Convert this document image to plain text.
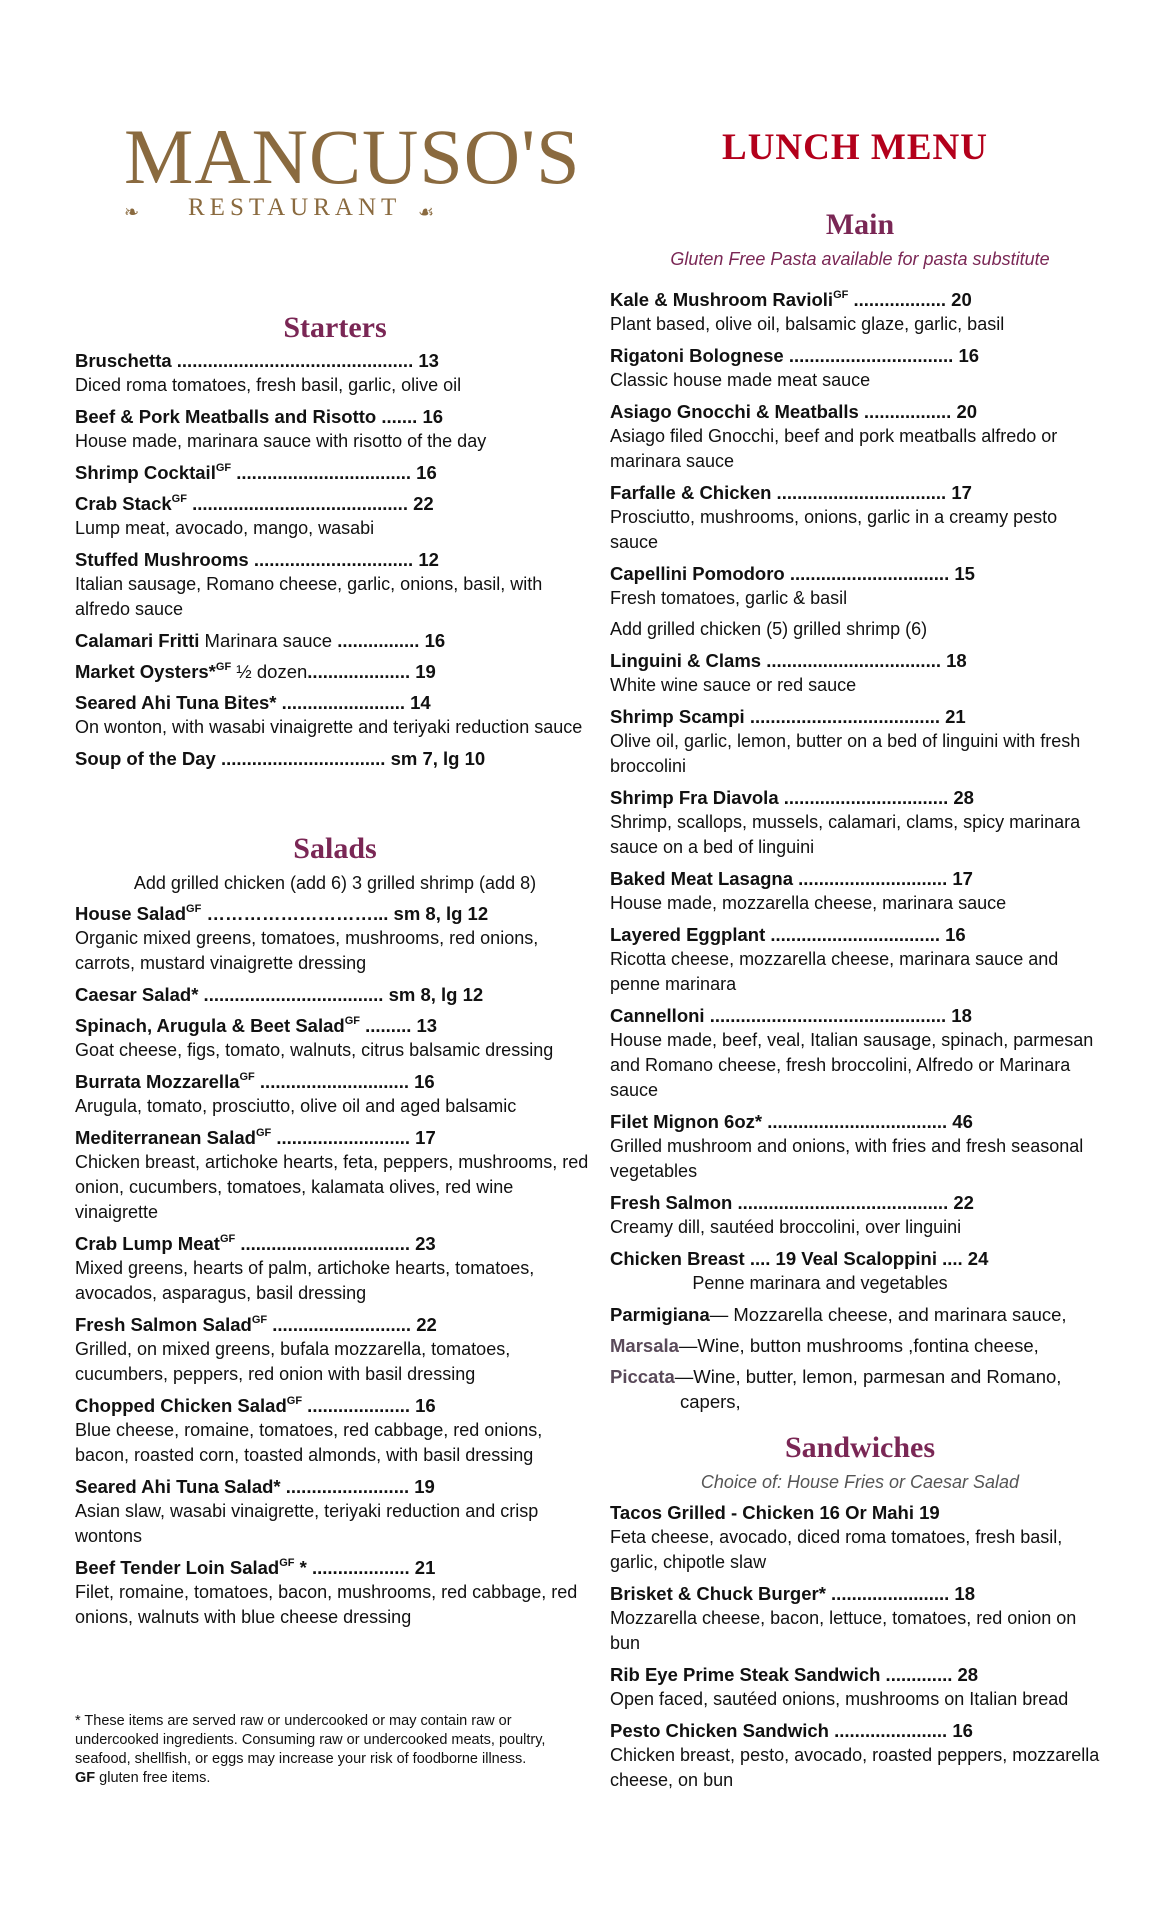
MANCUSO'S
❧ RESTAURANT ☙
LUNCH MENU
Starters
Bruschetta .............................................. 13
Diced roma tomatoes, fresh basil, garlic, olive oil
Beef & Pork Meatballs and Risotto ....... 16
House made, marinara sauce with risotto of the day
Shrimp Cocktail$^{GF}$ .................................. 16
Crab Stack$^{GF}$ .......................................... 22
Lump meat, avocado, mango, wasabi
Stuffed Mushrooms ............................... 12
Italian sausage, Romano cheese, garlic, onions, basil, with alfredo sauce
Calamari Fritti Marinara sauce ................ 16
Market Oysters*$^{GF}$ ½ dozen.................... 19
Seared Ahi Tuna Bites* ........................ 14
On wonton, with wasabi vinaigrette and teriyaki reduction sauce
Soup of the Day ................................ sm 7, lg 10
Salads
Add grilled chicken (add 6) 3 grilled shrimp (add 8)
House Salad$^{GF}$ ………………………... sm 8, lg 12
Organic mixed greens, tomatoes, mushrooms, red onions, carrots, mustard vinaigrette dressing
Caesar Salad* ................................... sm 8, lg 12
Spinach, Arugula & Beet Salad$^{GF}$ ......... 13
Goat cheese, figs, tomato, walnuts, citrus balsamic dressing
Burrata Mozzarella$^{GF}$ ............................. 16
Arugula, tomato, prosciutto, olive oil and aged balsamic
Mediterranean Salad$^{GF}$ .......................... 17
Chicken breast, artichoke hearts, feta, peppers, mushrooms, red onion, cucumbers, tomatoes, kalamata olives, red wine vinaigrette
Crab Lump Meat$^{GF}$ ................................. 23
Mixed greens, hearts of palm, artichoke hearts, tomatoes, avocados, asparagus, basil dressing
Fresh Salmon Salad$^{GF}$ ........................... 22
Grilled, on mixed greens, bufala mozzarella, tomatoes, cucumbers, peppers, red onion with basil dressing
Chopped Chicken Salad$^{GF}$ .................... 16
Blue cheese, romaine, tomatoes, red cabbage, red onions, bacon, roasted corn, toasted almonds, with basil dressing
Seared Ahi Tuna Salad* ........................ 19
Asian slaw, wasabi vinaigrette, teriyaki reduction and crisp wontons
Beef Tender Loin Salad$^{GF}$ * ................... 21
Filet, romaine, tomatoes, bacon, mushrooms, red cabbage, red onions, walnuts with blue cheese dressing
* These items are served raw or undercooked or may contain raw or undercooked ingredients. Consuming raw or undercooked meats, poultry, seafood, shellfish, or eggs may increase your risk of foodborne illness.
GF gluten free items.
Main
Gluten Free Pasta available for pasta substitute
Kale & Mushroom Ravioli$^{GF}$ .................. 20
Plant based, olive oil, balsamic glaze, garlic, basil
Rigatoni Bolognese ................................ 16
Classic house made meat sauce
Asiago Gnocchi & Meatballs ................. 20
Asiago filed Gnocchi, beef and pork meatballs alfredo or marinara sauce
Farfalle & Chicken ................................. 17
Prosciutto, mushrooms, onions, garlic in a creamy pesto sauce
Capellini Pomodoro ............................... 15
Fresh tomatoes, garlic & basil
Add grilled chicken (5) grilled shrimp (6)
Linguini & Clams .................................. 18
White wine sauce or red sauce
Shrimp Scampi ..................................... 21
Olive oil, garlic, lemon, butter on a bed of linguini with fresh broccolini
Shrimp Fra Diavola ................................ 28
Shrimp, scallops, mussels, calamari, clams, spicy marinara sauce on a bed of linguini
Baked Meat Lasagna ............................. 17
House made, mozzarella cheese, marinara sauce
Layered Eggplant ................................. 16
Ricotta cheese, mozzarella cheese, marinara sauce and penne marinara
Cannelloni .............................................. 18
House made, beef, veal, Italian sausage, spinach, parmesan and Romano cheese, fresh broccolini, Alfredo or Marinara sauce
Filet Mignon 6oz* ................................... 46
Grilled mushroom and onions, with fries and fresh seasonal vegetables
Fresh Salmon ......................................... 22
Creamy dill, sautéed broccolini, over linguini
Chicken Breast .... 19 Veal Scaloppini .... 24
Penne marinara and vegetables
Parmigiana— Mozzarella cheese, and marinara sauce,
Marsala—Wine, button mushrooms ,fontina cheese,
Piccata—Wine, butter, lemon, parmesan and Romano,
capers,
Sandwiches
Choice of: House Fries or Caesar Salad
Tacos Grilled - Chicken 16 Or Mahi 19
Feta cheese, avocado, diced roma tomatoes, fresh basil, garlic, chipotle slaw
Brisket & Chuck Burger* ....................... 18
Mozzarella cheese, bacon, lettuce, tomatoes, red onion on bun
Rib Eye Prime Steak Sandwich ............. 28
Open faced, sautéed onions, mushrooms on Italian bread
Pesto Chicken Sandwich ...................... 16
Chicken breast, pesto, avocado, roasted peppers, mozzarella cheese, on bun
